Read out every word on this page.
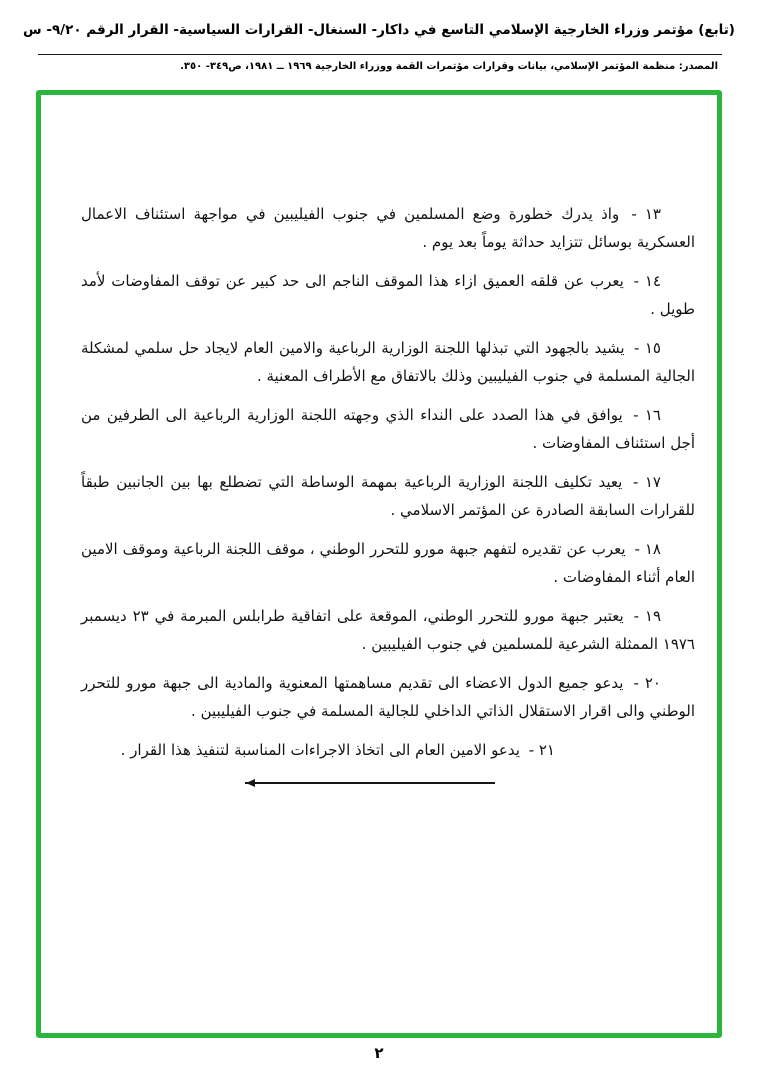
(تابع) مؤتمر وزراء الخارجية الإسلامي التاسع في داكار- السنغال- القرارات السياسية- القرار الرقم ٩/٢٠- س
المصدر: منظمة المؤتمر الإسلامي، بيانات وقرارات مؤتمرات القمة ووزراء الخارجية ١٩٦٩ ــ ١٩٨١، ص٣٤٩- ٣٥٠.

١٣ - واذ يدرك خطورة وضع المسلمين في جنوب الفيليبين في مواجهة استئناف الاعمال العسكرية بوسائل تتزايد حداثة يوماً بعد يوم .

١٤ - يعرب عن قلقه العميق ازاء هذا الموقف الناجم الى حد كبير عن توقف المفاوضات لأمد طويل .

١٥ - يشيد بالجهود التي تبذلها اللجنة الوزارية الرباعية والامين العام لايجاد حل سلمي لمشكلة الجالية المسلمة في جنوب الفيليبين وذلك بالاتفاق مع الأطراف المعنية .

١٦ - يوافق في هذا الصدد على النداء الذي وجهته اللجنة الوزارية الرباعية الى الطرفين من أجل استئناف المفاوضات .

١٧ - يعيد تكليف اللجنة الوزارية الرباعية بمهمة الوساطة التي تضطلع بها بين الجانبين طبقاً للقرارات السابقة الصادرة عن المؤتمر الاسلامي .

١٨ - يعرب عن تقديره لتفهم جبهة مورو للتحرر الوطني ، موقف اللجنة الرباعية وموقف الامين العام أثناء المفاوضات .

١٩ - يعتبر جبهة مورو للتحرر الوطني، الموقعة على اتفاقية طرابلس المبرمة في ٢٣ ديسمبر ١٩٧٦ الممثلة الشرعية للمسلمين في جنوب الفيليبين .

٢٠ - يدعو جميع الدول الاعضاء الى تقديم مساهمتها المعنوية والمادية الى جبهة مورو للتحرر الوطني والى اقرار الاستقلال الذاتي الداخلي للجالية المسلمة في جنوب الفيليبين .

٢١ - يدعو الامين العام الى اتخاذ الاجراءات المناسبة لتنفيذ هذا القرار .

٢
